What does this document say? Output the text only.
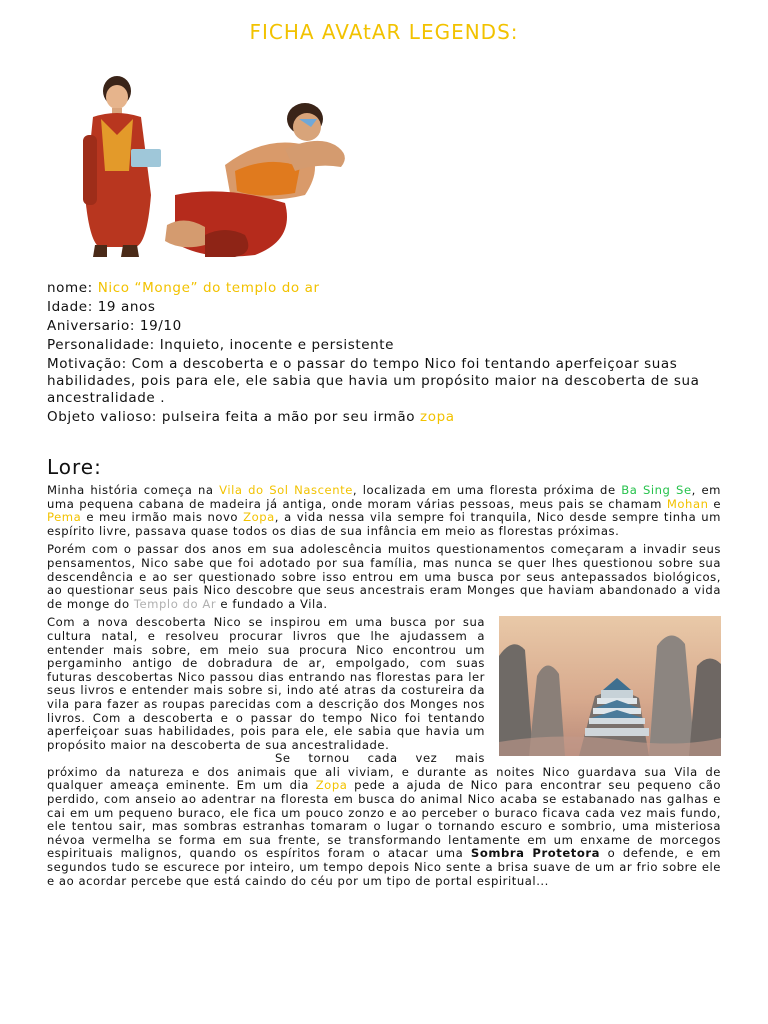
FICHA AVAtAR LEGENDS:

nome: Nico “Monge” do templo do ar

Idade: 19 anos

Aniversario: 19/10

Personalidade: Inquieto, inocente e persistente

Motivação: Com a descoberta e o passar do tempo Nico foi tentando aperfeiçoar suas habilidades, pois para ele, ele sabia que havia um propósito maior na descoberta de sua ancestralidade .

Objeto valioso: pulseira feita a mão por seu irmão zopa

Lore:

Minha história começa na Vila do Sol Nascente, localizada em uma floresta próxima de Ba Sing Se, em uma pequena cabana de madeira já antiga, onde moram várias pessoas, meus pais se chamam Mohan e Pema e meu irmão mais novo Zopa, a vida nessa vila sempre foi tranquila, Nico desde sempre tinha um espírito livre, passava quase todos os dias de sua infância em meio as florestas próximas.

Porém com o passar dos anos em sua adolescência muitos questionamentos começaram a invadir seus pensamentos, Nico sabe que foi adotado por sua família, mas nunca se quer lhes questionou sobre sua descendência e ao ser questionado sobre isso entrou em uma busca por seus antepassados biológicos, ao questionar seus pais Nico descobre que seus ancestrais eram Monges que haviam abandonado a vida de monge do Templo do Ar e fundado a Vila.

Com a nova descoberta Nico se inspirou em uma busca por sua cultura natal, e resolveu procurar livros que lhe ajudassem a entender mais sobre, em meio sua procura Nico encontrou um pergaminho antigo de dobradura de ar, empolgado, com suas futuras descobertas Nico passou dias entrando nas florestas para ler seus livros e entender mais sobre si, indo até atras da costureira da vila para fazer as roupas parecidas com a descrição dos Monges nos livros. Com a descoberta e o passar do tempo Nico foi tentando aperfeiçoar suas habilidades, pois para ele, ele sabia que havia um propósito maior na descoberta de sua ancestralidade.

Se tornou cada vez mais próximo da natureza e dos animais que ali viviam, e durante as noites Nico guardava sua Vila de qualquer ameaça eminente. Em um dia Zopa pede a ajuda de Nico para encontrar seu pequeno cão perdido, com anseio ao adentrar na floresta em busca do animal Nico acaba se estabanado nas galhas e cai em um pequeno buraco, ele fica um pouco zonzo e ao perceber o buraco ficava cada vez mais fundo, ele tentou sair, mas sombras estranhas tomaram o lugar o tornando escuro e sombrio, uma misteriosa névoa vermelha se forma em sua frente, se transformando lentamente em um enxame de morcegos espirituais malignos, quando os espíritos foram o atacar uma Sombra Protetora o defende, e em segundos tudo se escurece por inteiro, um tempo depois Nico sente a brisa suave de um ar frio sobre ele e ao acordar percebe que está caindo do céu por um tipo de portal espiritual...
